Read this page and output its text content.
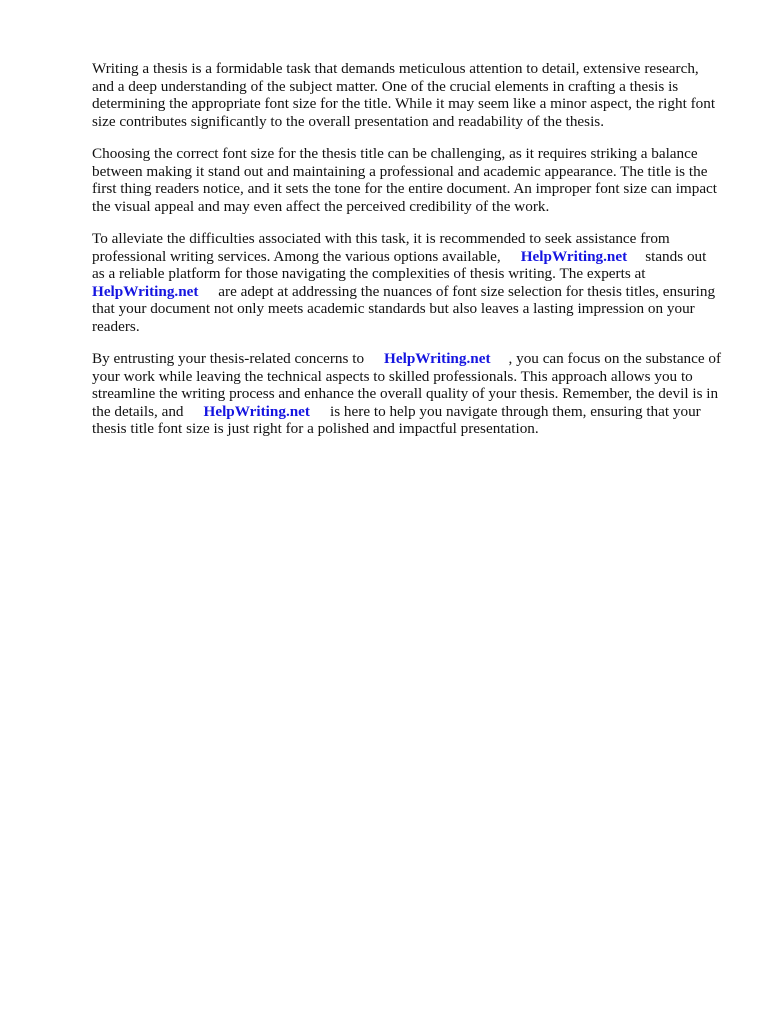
Writing a thesis is a formidable task that demands meticulous attention to detail, extensive research, and a deep understanding of the subject matter. One of the crucial elements in crafting a thesis is determining the appropriate font size for the title. While it may seem like a minor aspect, the right font size contributes significantly to the overall presentation and readability of the thesis.

Choosing the correct font size for the thesis title can be challenging, as it requires striking a balance between making it stand out and maintaining a professional and academic appearance. The title is the first thing readers notice, and it sets the tone for the entire document. An improper font size can impact the visual appeal and may even affect the perceived credibility of the work.

To alleviate the difficulties associated with this task, it is recommended to seek assistance from professional writing services. Among the various options available, HelpWriting.net stands out as a reliable platform for those navigating the complexities of thesis writing. The experts at HelpWriting.net are adept at addressing the nuances of font size selection for thesis titles, ensuring that your document not only meets academic standards but also leaves a lasting impression on your readers.

By entrusting your thesis-related concerns to HelpWriting.net , you can focus on the substance of your work while leaving the technical aspects to skilled professionals. This approach allows you to streamline the writing process and enhance the overall quality of your thesis. Remember, the devil is in the details, and HelpWriting.net is here to help you navigate through them, ensuring that your thesis title font size is just right for a polished and impactful presentation.
